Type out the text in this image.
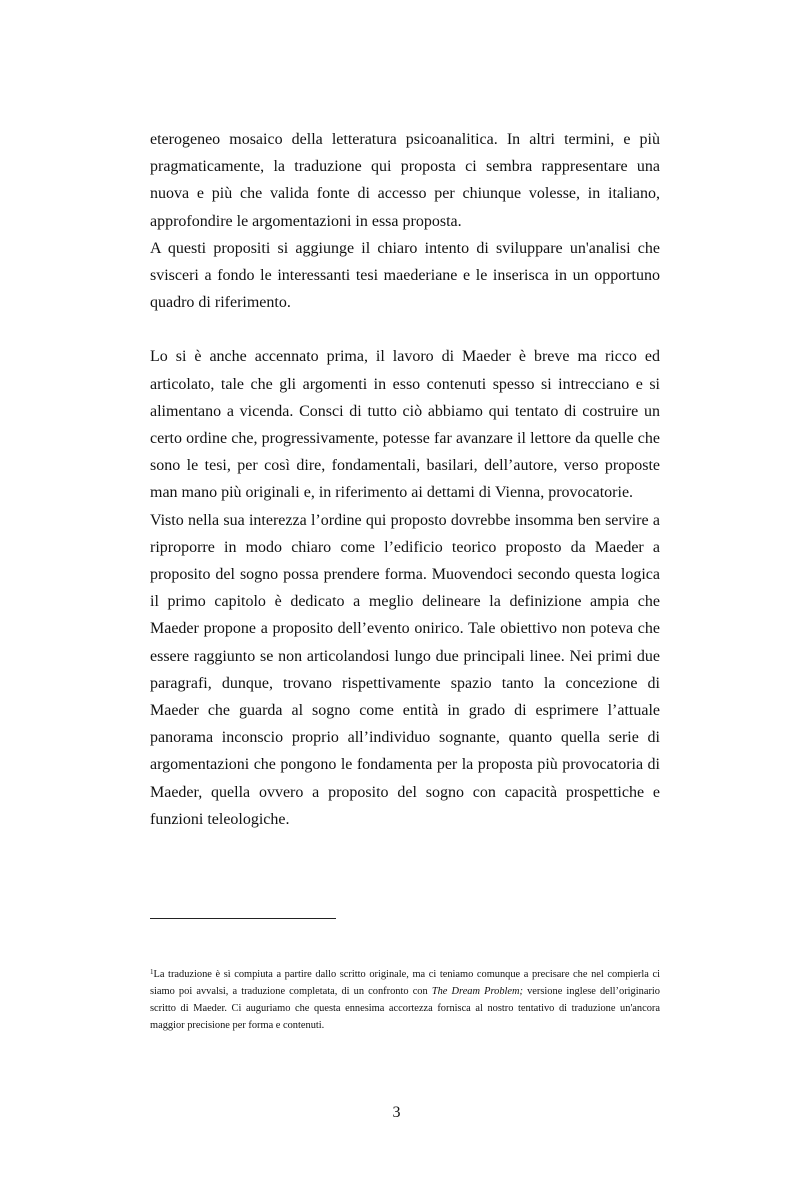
eterogeneo mosaico della letteratura psicoanalitica. In altri termini, e più pragmaticamente, la traduzione qui proposta ci sembra rappresentare una nuova e più che valida fonte di accesso per chiunque volesse, in italiano, approfondire le argomentazioni in essa proposta.

A questi propositi si aggiunge il chiaro intento di sviluppare un'analisi che sviscerі a fondo le interessanti tesi maederiane e le inserisca in un opportuno quadro di riferimento.

Lo si è anche accennato prima, il lavoro di Maeder è breve ma ricco ed articolato, tale che gli argomenti in esso contenuti spesso si intrecciano e si alimentano a vicenda. Consci di tutto ciò abbiamo qui tentato di costruire un certo ordine che, progressivamente, potesse far avanzare il lettore da quelle che sono le tesi, per così dire, fondamentali, basilari, dell’autore, verso proposte man mano più originali e, in riferimento ai dettami di Vienna, provocatorie.

Visto nella sua interezza l’ordine qui proposto dovrebbe insomma ben servire a riproporre in modo chiaro come l’edificio teorico proposto da Maeder a proposito del sogno possa prendere forma. Muovendoci secondo questa logica il primo capitolo è dedicato a meglio delineare la definizione ampia che Maeder propone a proposito dell’evento onirico. Tale obiettivo non poteva che essere raggiunto se non articolandosi lungo due principali linee. Nei primi due paragrafi, dunque, trovano rispettivamente spazio tanto la concezione di Maeder che guarda al sogno come entità in grado di esprimere l’attuale panorama inconscio proprio all’individuo sognante, quanto quella serie di argomentazioni che pongono le fondamenta per la proposta più provocatoria di Maeder, quella ovvero a proposito del sogno con capacità prospettiche e funzioni teleologiche.

$^1$La traduzione è sì compiuta a partire dallo scritto originale, ma ci teniamo comunque a precisare che nel compierla ci siamo poi avvalsi, a traduzione completata, di un confronto con The Dream Problem; versione inglese dell’originario scritto di Maeder. Ci auguriamo che questa ennesima accortezza fornisca al nostro tentativo di traduzione un'ancora maggior precisione per forma e contenuti.

3
